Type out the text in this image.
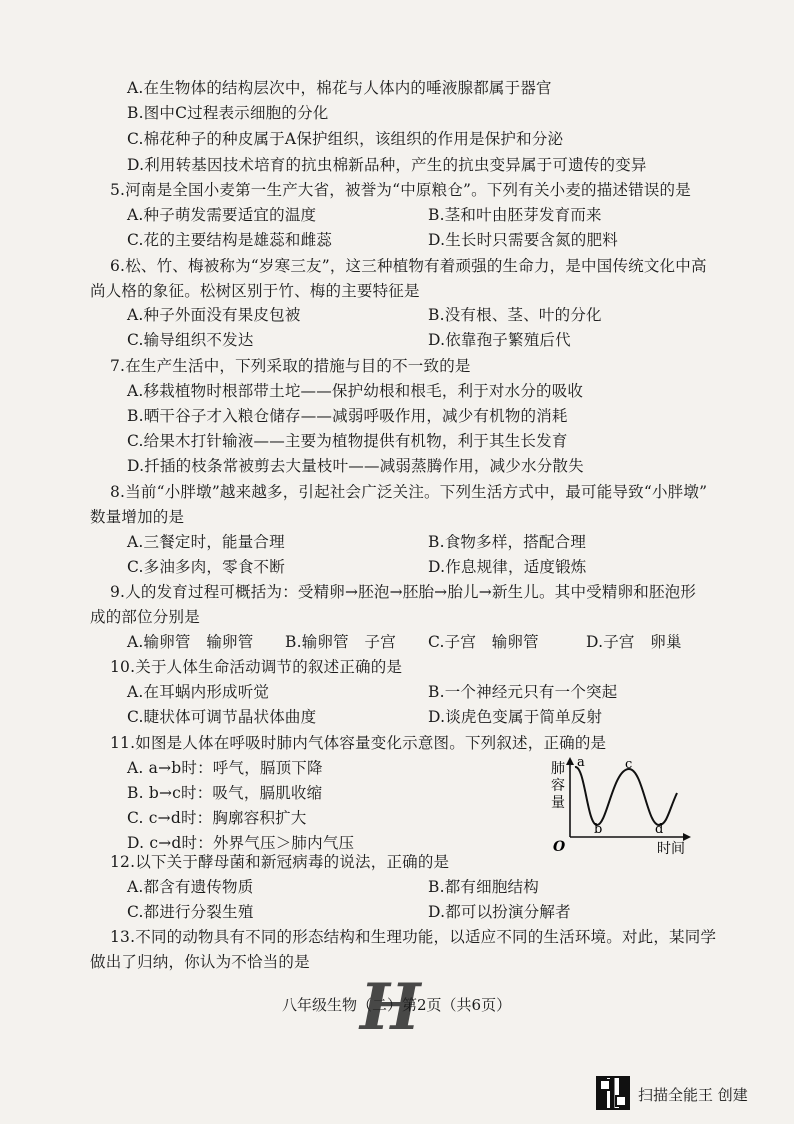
A.在生物体的结构层次中，棉花与人体内的唾液腺都属于器官
B.图中C过程表示细胞的分化
C.棉花种子的种皮属于A保护组织，该组织的作用是保护和分泌
D.利用转基因技术培育的抗虫棉新品种，产生的抗虫变异属于可遗传的变异
5.河南是全国小麦第一生产大省，被誉为“中原粮仓”。下列有关小麦的描述错误的是
A.种子萌发需要适宜的温度	B.茎和叶由胚芽发育而来
C.花的主要结构是雄蕊和雌蕊	D.生长时只需要含氮的肥料
6.松、竹、梅被称为“岁寒三友”，这三种植物有着顽强的生命力，是中国传统文化中高
尚人格的象征。松树区别于竹、梅的主要特征是
A.种子外面没有果皮包被	B.没有根、茎、叶的分化
C.输导组织不发达	D.依靠孢子繁殖后代
7.在生产生活中，下列采取的措施与目的不一致的是
A.移栽植物时根部带土坨——保护幼根和根毛，利于对水分的吸收
B.晒干谷子才入粮仓储存——减弱呼吸作用，减少有机物的消耗
C.给果木打针输液——主要为植物提供有机物，利于其生长发育
D.扦插的枝条常被剪去大量枝叶——减弱蒸腾作用，减少水分散失
8.当前“小胖墩”越来越多，引起社会广泛关注。下列生活方式中，最可能导致“小胖墩”
数量增加的是
A.三餐定时，能量合理	B.食物多样，搭配合理
C.多油多肉，零食不断	D.作息规律，适度锻炼
9.人的发育过程可概括为：受精卵→胚泡→胚胎→胎儿→新生儿。其中受精卵和胚泡形
成的部位分别是
A.输卵管　输卵管 B.输卵管　子宫 C.子宫　输卵管	D.子宫　卵巢
10.关于人体生命活动调节的叙述正确的是
A.在耳蜗内形成听觉	B.一个神经元只有一个突起
C.睫状体可调节晶状体曲度	D.谈虎色变属于简单反射
11.如图是人体在呼吸时肺内气体容量变化示意图。下列叙述，正确的是
A. a→b时：呼气，膈顶下降
B. b→c时：吸气，膈肌收缩
C. c→d时：胸廓容积扩大
D. c→d时：外界气压＞肺内气压
12.以下关于酵母菌和新冠病毒的说法，正确的是
A.都含有遗传物质	B.都有细胞结构
C.都进行分裂生殖	D.都可以扮演分解者
13.不同的动物具有不同的形态结构和生理功能，以适应不同的生活环境。对此，某同学
做出了归纳，你认为不恰当的是
肺
容
量
a
b
c
d
O	时间
H
八年级生物（二）第2页（共6页）
扫描全能王 创建
